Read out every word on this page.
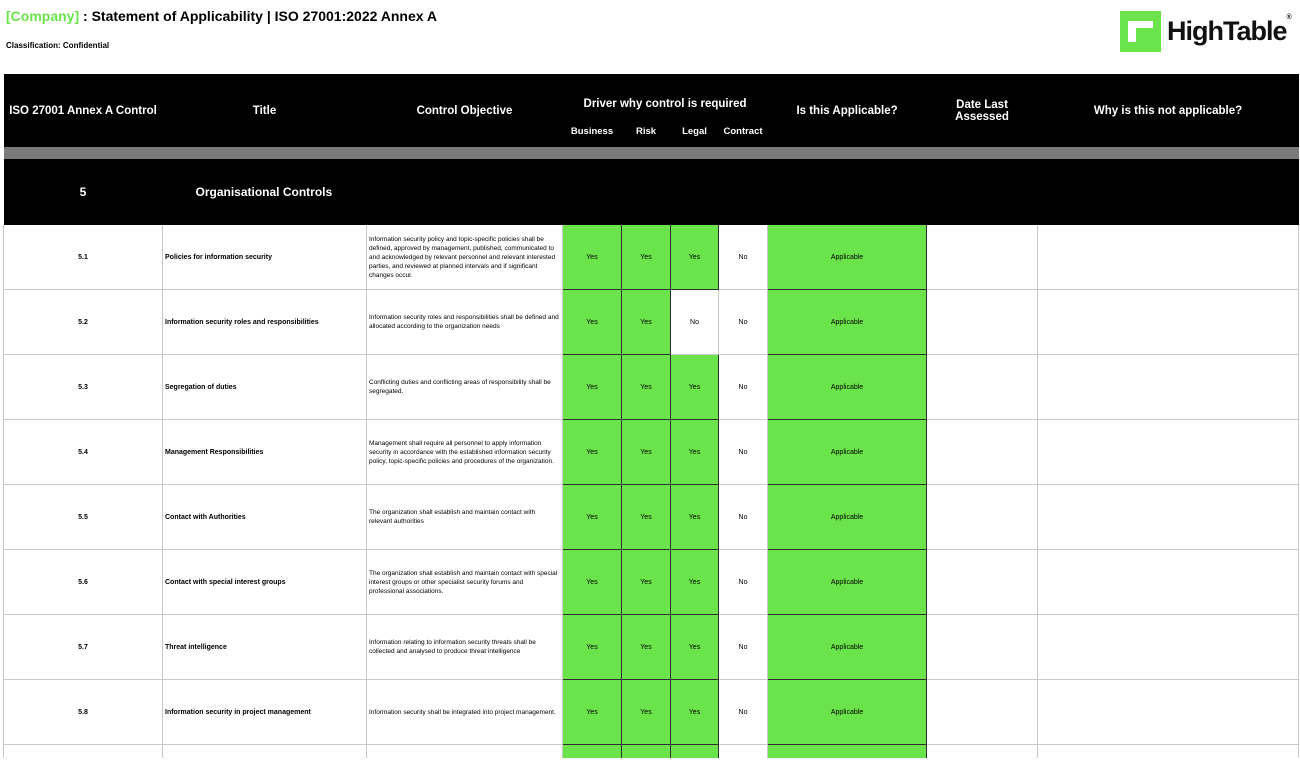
[Company] : Statement of Applicability | ISO 27001:2022 Annex A
Classification: Confidential	HighTable®
ISO 27001 Annex A Control	Title	Control Objective	Driver why control is required				Is this Applicable?	Date Last Assessed	Why is this not applicable?
			Business	Risk	Legal	Contract			

5	Organisational Controls								
5.1	Policies for information security	Information security policy and topic-specific policies shall be defined, approved by management, published, communicated to and acknowledged by relevant personnel and relevant interested parties, and reviewed at planned intervals and if significant changes occur.	Yes	Yes	Yes	No	Applicable		
5.2	Information security roles and responsibilities	Information security roles and responsibilities shall be defined and allocated according to the organization needs	Yes	Yes	No	No	Applicable		
5.3	Segregation of duties	Conflicting duties and conflicting areas of responsibility shall be segregated.	Yes	Yes	Yes	No	Applicable		
5.4	Management Responsibilities	Management shall require all personnel to apply information security in accordance with the established information security policy, topic-specific policies and procedures of the organization.	Yes	Yes	Yes	No	Applicable		
5.5	Contact with Authorities	The organization shall establish and maintain contact with relevant authorities	Yes	Yes	Yes	No	Applicable		
5.6	Contact with special interest groups	The organization shall establish and maintain contact with special interest groups or other specialist security forums and professional associations.	Yes	Yes	Yes	No	Applicable		
5.7	Threat intelligence	Information relating to information security threats shall be collected and analysed to produce threat intelligence	Yes	Yes	Yes	No	Applicable		
5.8	Information security in project management	Information security shall be integrated into project management.	Yes	Yes	Yes	No	Applicable		
